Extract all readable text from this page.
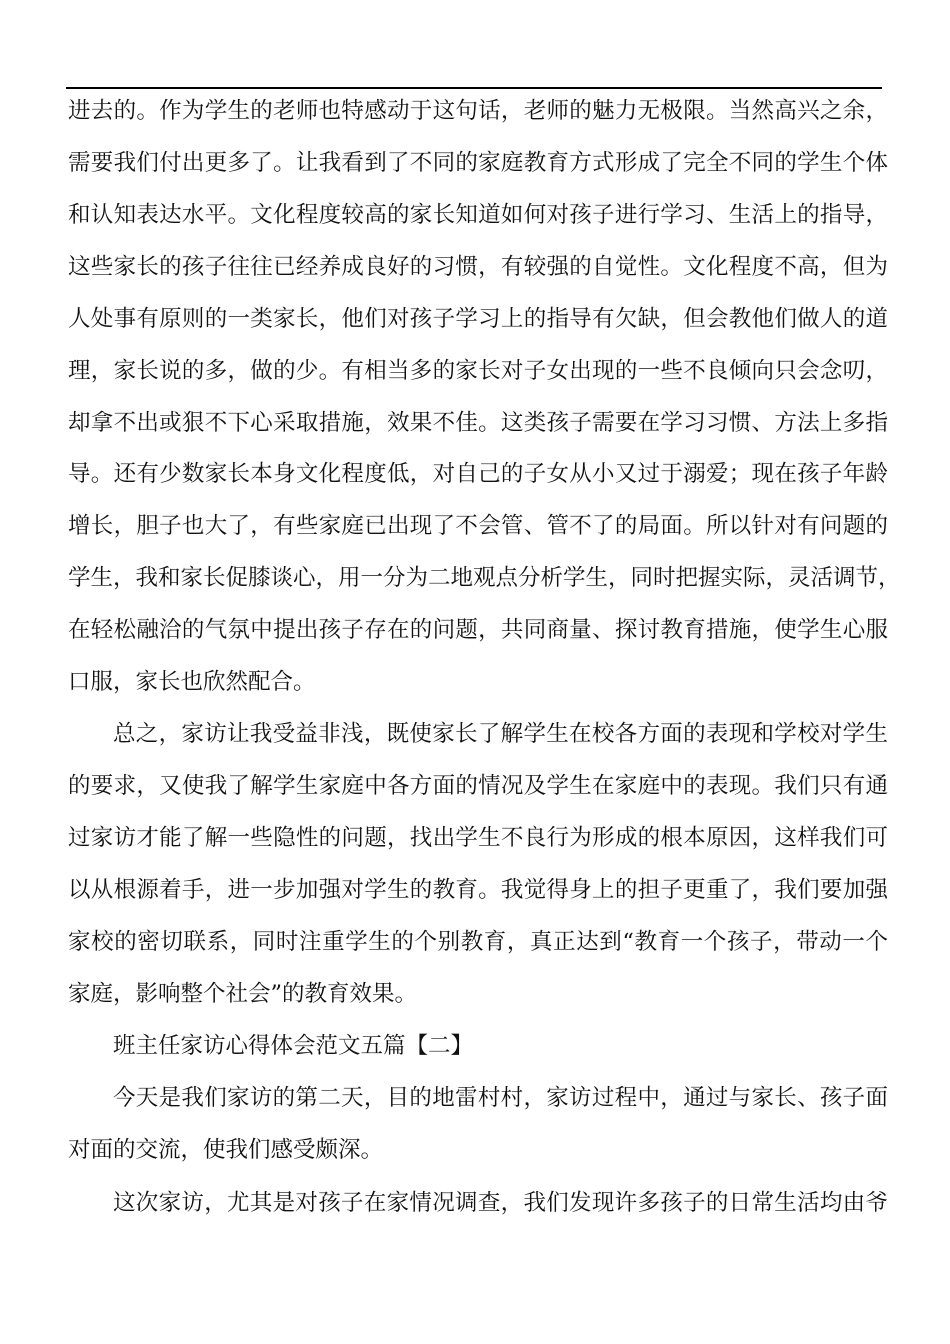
进去的。作为学生的老师也特感动于这句话，老师的魅力无极限。当然高兴之余，
需要我们付出更多了。让我看到了不同的家庭教育方式形成了完全不同的学生个体
和认知表达水平。文化程度较高的家长知道如何对孩子进行学习、生活上的指导，
这些家长的孩子往往已经养成良好的习惯，有较强的自觉性。文化程度不高，但为
人处事有原则的一类家长，他们对孩子学习上的指导有欠缺，但会教他们做人的道
理，家长说的多，做的少。有相当多的家长对子女出现的一些不良倾向只会念叨，
却拿不出或狠不下心采取措施，效果不佳。这类孩子需要在学习习惯、方法上多指
导。还有少数家长本身文化程度低，对自己的子女从小又过于溺爱；现在孩子年龄
增长，胆子也大了，有些家庭已出现了不会管、管不了的局面。所以针对有问题的
学生，我和家长促膝谈心，用一分为二地观点分析学生，同时把握实际，灵活调节，
在轻松融洽的气氛中提出孩子存在的问题，共同商量、探讨教育措施，使学生心服
口服，家长也欣然配合。
总之，家访让我受益非浅，既使家长了解学生在校各方面的表现和学校对学生
的要求，又使我了解学生家庭中各方面的情况及学生在家庭中的表现。我们只有通
过家访才能了解一些隐性的问题，找出学生不良行为形成的根本原因，这样我们可
以从根源着手，进一步加强对学生的教育。我觉得身上的担子更重了，我们要加强
家校的密切联系，同时注重学生的个别教育，真正达到“教育一个孩子，带动一个
家庭，影响整个社会”的教育效果。
班主任家访心得体会范文五篇【二】
今天是我们家访的第二天，目的地雷村村，家访过程中，通过与家长、孩子面
对面的交流，使我们感受颇深。
这次家访，尤其是对孩子在家情况调查，我们发现许多孩子的日常生活均由爷
